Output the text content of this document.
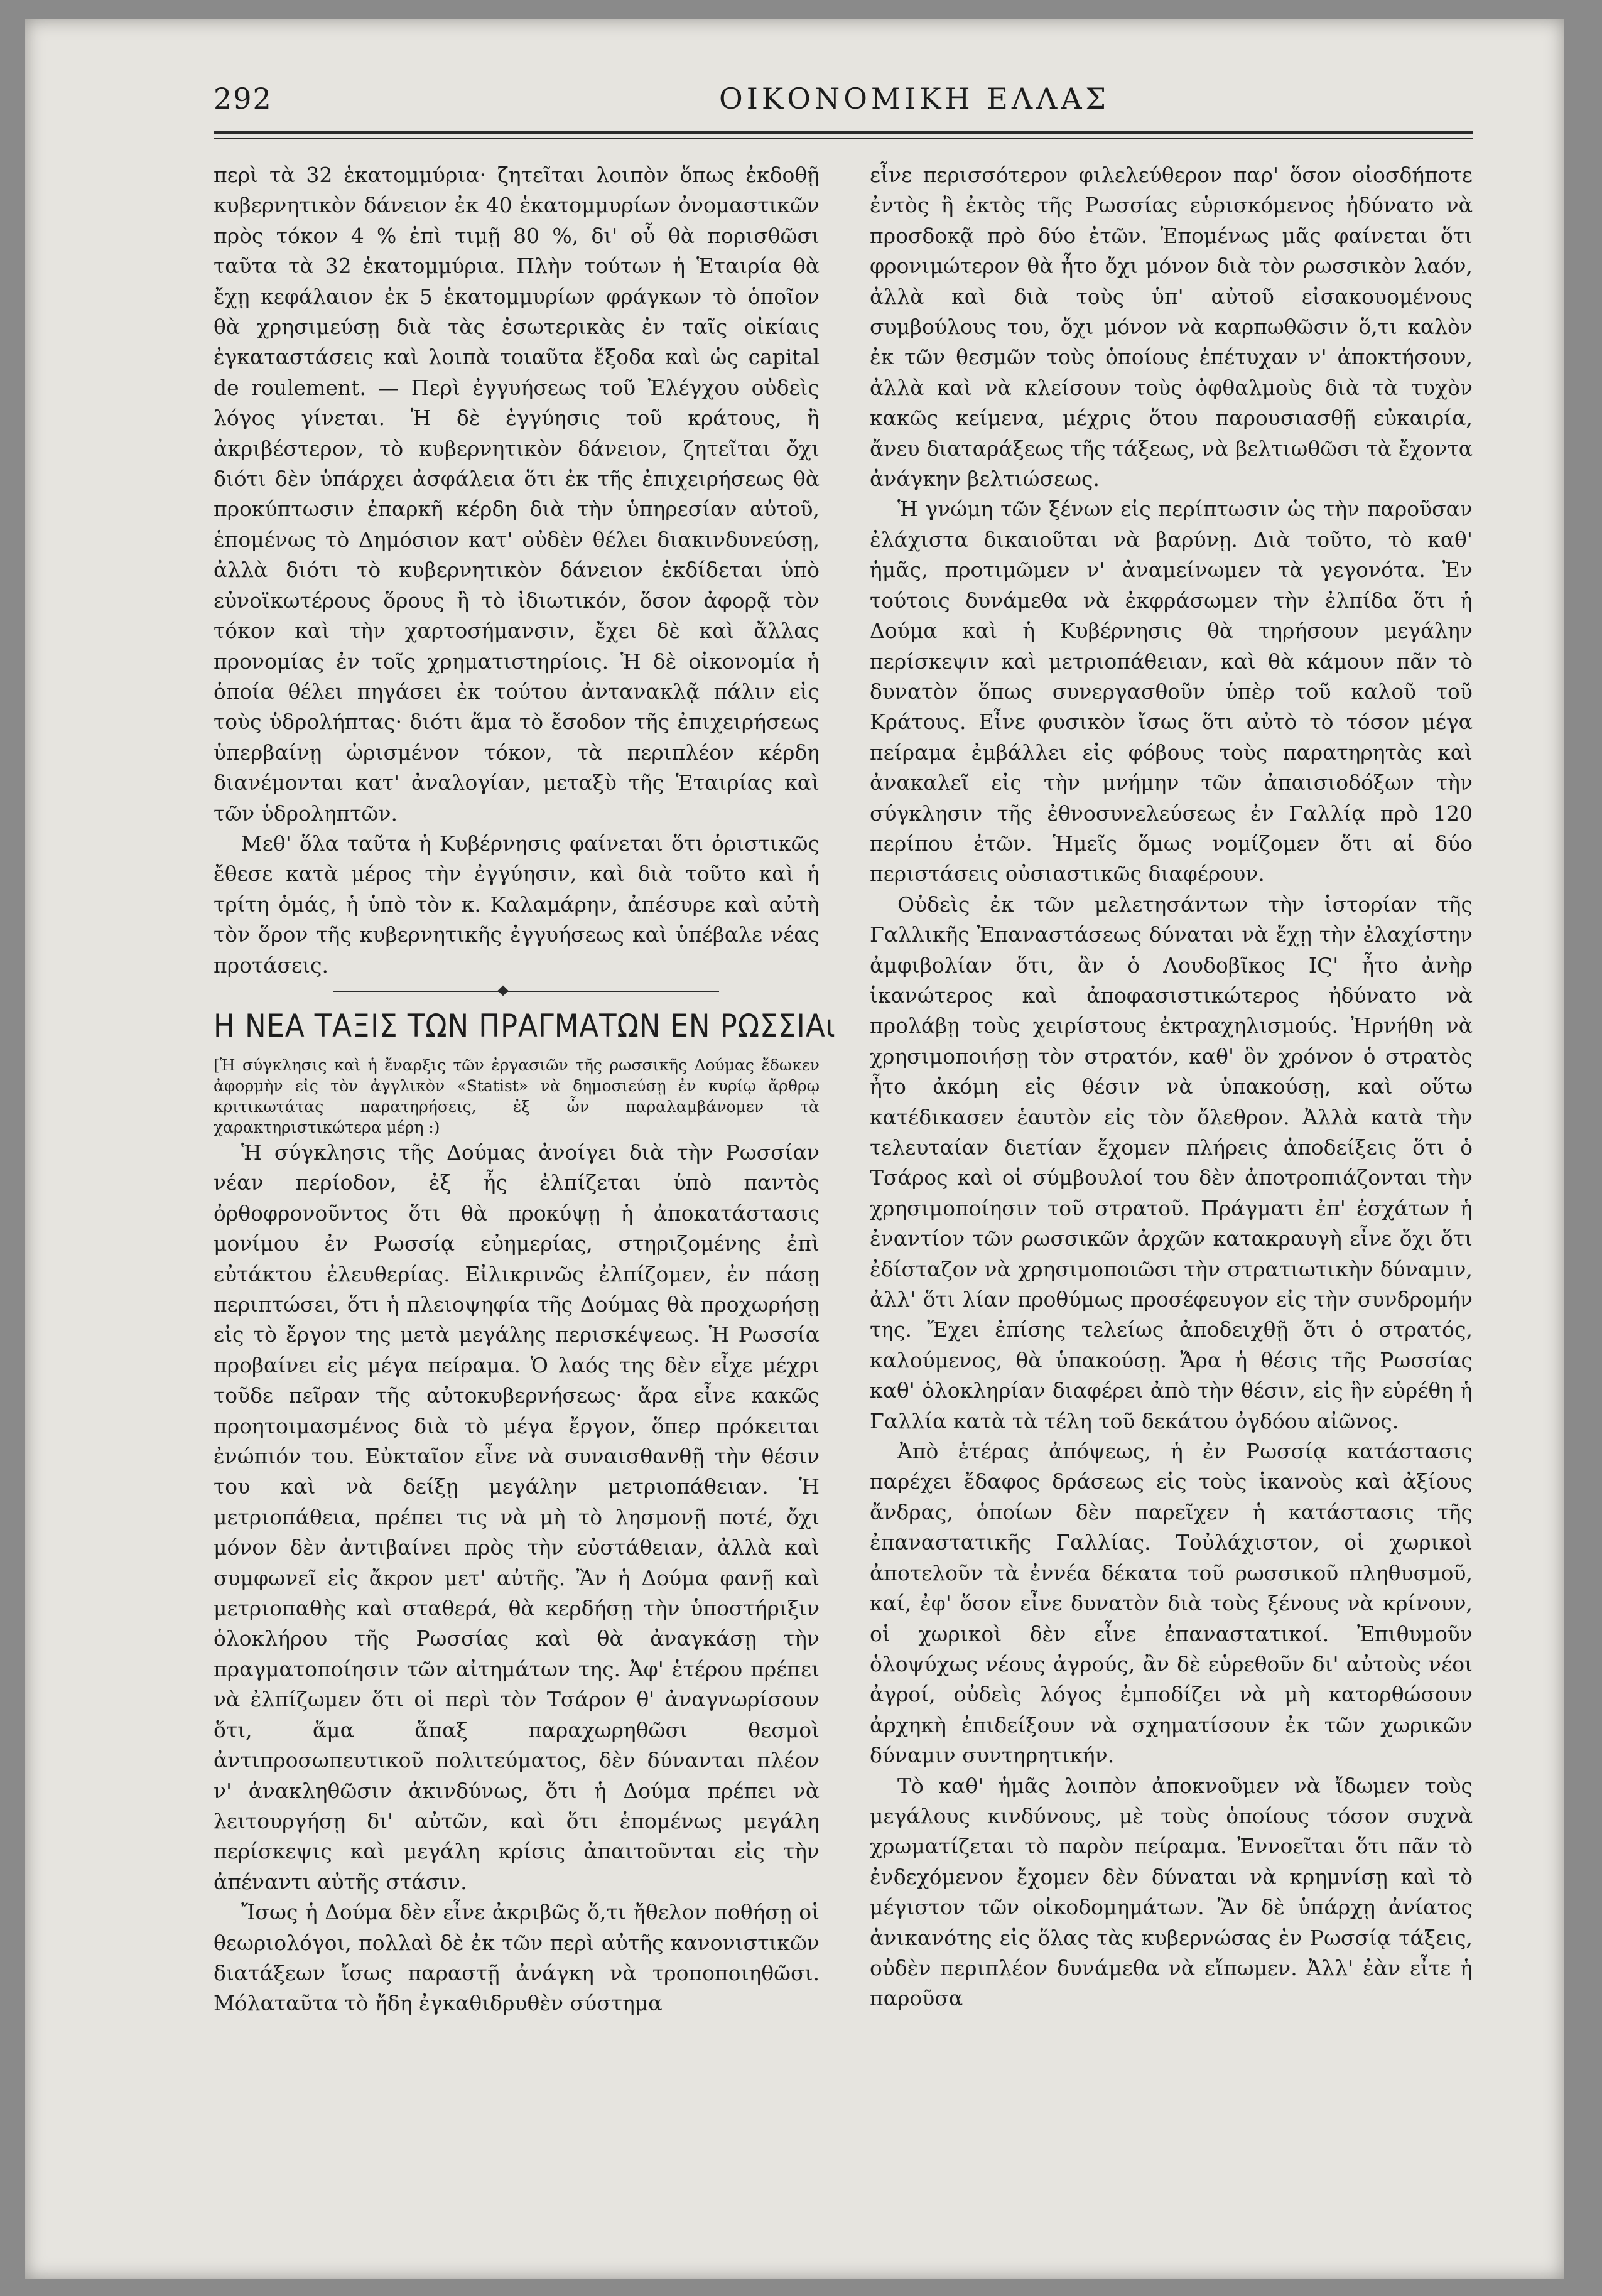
292	ΟΙΚΟΝΟΜΙΚΗ ΕΛΛΑΣ

περὶ τὰ 32 ἑκατομμύρια· ζητεῖται λοιπὸν ὅπως ἐκδοθῇ κυβερνητικὸν δάνειον ἐκ 40 ἑκατομμυρίων ὀνομαστικῶν πρὸς τόκον 4 % ἐπὶ τιμῇ 80 %, δι' οὗ θὰ πορισθῶσι ταῦτα τὰ 32 ἑκατομμύρια. Πλὴν τούτων ἡ Ἑταιρία θὰ ἔχῃ κεφάλαιον ἐκ 5 ἑκατομμυρίων φράγκων τὸ ὁποῖον θὰ χρησιμεύσῃ διὰ τὰς ἐσωτερικὰς ἐν ταῖς οἰκίαις ἐγκαταστάσεις καὶ λοιπὰ τοιαῦτα ἔξοδα καὶ ὡς capital de roulement. — Περὶ ἐγγυήσεως τοῦ Ἐλέγχου οὐδεὶς λόγος γίνεται. Ἡ δὲ ἐγγύησις τοῦ κράτους, ἢ ἀκριβέστερον, τὸ κυβερνητικὸν δάνειον, ζητεῖται ὄχι διότι δὲν ὑπάρχει ἀσφάλεια ὅτι ἐκ τῆς ἐπιχειρήσεως θὰ προκύπτωσιν ἐπαρκῆ κέρδη διὰ τὴν ὑπηρεσίαν αὐτοῦ, ἑπομένως τὸ Δημόσιον κατ' οὐδὲν θέλει διακινδυνεύσῃ, ἀλλὰ διότι τὸ κυβερνητικὸν δάνειον ἐκδίδεται ὑπὸ εὐνοϊκωτέρους ὅρους ἢ τὸ ἰδιωτικόν, ὅσον ἀφορᾷ τὸν τόκον καὶ τὴν χαρτοσήμανσιν, ἔχει δὲ καὶ ἄλλας προνομίας ἐν τοῖς χρηματιστηρίοις. Ἡ δὲ οἰκονομία ἡ ὁποία θέλει πηγάσει ἐκ τούτου ἀντανακλᾷ πάλιν εἰς τοὺς ὑδρολήπτας· διότι ἅμα τὸ ἔσοδον τῆς ἐπιχειρήσεως ὑπερβαίνῃ ὡρισμένον τόκον, τὰ περιπλέον κέρδη διανέμονται κατ' ἀναλογίαν, μεταξὺ τῆς Ἑταιρίας καὶ τῶν ὑδροληπτῶν.

Μεθ' ὅλα ταῦτα ἡ Κυβέρνησις φαίνεται ὅτι ὁριστικῶς ἔθεσε κατὰ μέρος τὴν ἐγγύησιν, καὶ διὰ τοῦτο καὶ ἡ τρίτη ὁμάς, ἡ ὑπὸ τὸν κ. Καλαμάρην, ἀπέσυρε καὶ αὐτὴ τὸν ὅρον τῆς κυβερνητικῆς ἐγγυήσεως καὶ ὑπέβαλε νέας προτάσεις.

Η ΝΕΑ ΤΑΞΙΣ ΤΩΝ ΠΡΑΓΜΑΤΩΝ ΕΝ ΡΩΣΣΙΑι

[Ἡ σύγκλησις καὶ ἡ ἔναρξις τῶν ἐργασιῶν τῆς ρωσσικῆς Δούμας ἔδωκεν ἀφορμὴν εἰς τὸν ἀγγλικὸν «Statist» νὰ δημοσιεύσῃ ἐν κυρίῳ ἄρθρῳ κριτικωτάτας παρατηρήσεις, ἐξ ὧν παραλαμβάνομεν τὰ χαρακτηριστικώτερα μέρη :)

Ἡ σύγκλησις τῆς Δούμας ἀνοίγει διὰ τὴν Ρωσσίαν νέαν περίοδον, ἐξ ἧς ἐλπίζεται ὑπὸ παντὸς ὀρθοφρονοῦντος ὅτι θὰ προκύψῃ ἡ ἀποκατάστασις μονίμου ἐν Ρωσσίᾳ εὐημερίας, στηριζομένης ἐπὶ εὐτάκτου ἐλευθερίας. Εἰλικρινῶς ἐλπίζομεν, ἐν πάσῃ περιπτώσει, ὅτι ἡ πλειοψηφία τῆς Δούμας θὰ προχωρήσῃ εἰς τὸ ἔργον της μετὰ μεγάλης περισκέψεως. Ἡ Ρωσσία προβαίνει εἰς μέγα πείραμα. Ὁ λαός της δὲν εἶχε μέχρι τοῦδε πεῖραν τῆς αὐτοκυβερνήσεως· ἄρα εἶνε κακῶς προητοιμασμένος διὰ τὸ μέγα ἔργον, ὅπερ πρόκειται ἐνώπιόν του. Εὐκταῖον εἶνε νὰ συναισθανθῇ τὴν θέσιν του καὶ νὰ δείξῃ μεγάλην μετριοπάθειαν. Ἡ μετριοπάθεια, πρέπει τις νὰ μὴ τὸ λησμονῇ ποτέ, ὄχι μόνον δὲν ἀντιβαίνει πρὸς τὴν εὐστάθειαν, ἀλλὰ καὶ συμφωνεῖ εἰς ἄκρον μετ' αὐτῆς. Ἂν ἡ Δούμα φανῇ καὶ μετριοπαθὴς καὶ σταθερά, θὰ κερδήσῃ τὴν ὑποστήριξιν ὁλοκλήρου τῆς Ρωσσίας καὶ θὰ ἀναγκάσῃ τὴν πραγματοποίησιν τῶν αἰτημάτων της. Ἀφ' ἑτέρου πρέπει νὰ ἐλπίζωμεν ὅτι οἱ περὶ τὸν Τσάρον θ' ἀναγνωρίσουν ὅτι, ἅμα ἅπαξ παραχωρηθῶσι θεσμοὶ ἀντιπροσωπευτικοῦ πολιτεύματος, δὲν δύνανται πλέον ν' ἀνακληθῶσιν ἀκινδύνως, ὅτι ἡ Δούμα πρέπει νὰ λειτουργήσῃ δι' αὐτῶν, καὶ ὅτι ἑπομένως μεγάλη περίσκεψις καὶ μεγάλη κρίσις ἀπαιτοῦνται εἰς τὴν ἀπέναντι αὐτῆς στάσιν.

Ἴσως ἡ Δούμα δὲν εἶνε ἀκριβῶς ὅ,τι ἤθελον ποθήσῃ οἱ θεωριολόγοι, πολλαὶ δὲ ἐκ τῶν περὶ αὐτῆς κανονιστικῶν διατάξεων ἴσως παραστῇ ἀνάγκη νὰ τροποποιηθῶσι. Μόλαταῦτα τὸ ἤδη ἐγκαθιδρυθὲν σύστημα

εἶνε περισσότερον φιλελεύθερον παρ' ὅσον οἰοσδήποτε ἐντὸς ἢ ἐκτὸς τῆς Ρωσσίας εὑρισκόμενος ἠδύνατο νὰ προσδοκᾷ πρὸ δύο ἐτῶν. Ἑπομένως μᾶς φαίνεται ὅτι φρονιμώτερον θὰ ἦτο ὄχι μόνον διὰ τὸν ρωσσικὸν λαόν, ἀλλὰ καὶ διὰ τοὺς ὑπ' αὐτοῦ εἰσακουομένους συμβούλους του, ὄχι μόνον νὰ καρπωθῶσιν ὅ,τι καλὸν ἐκ τῶν θεσμῶν τοὺς ὁποίους ἐπέτυχαν ν' ἀποκτήσουν, ἀλλὰ καὶ νὰ κλείσουν τοὺς ὀφθαλμοὺς διὰ τὰ τυχὸν κακῶς κείμενα, μέχρις ὅτου παρουσιασθῇ εὐκαιρία, ἄνευ διαταράξεως τῆς τάξεως, νὰ βελτιωθῶσι τὰ ἔχοντα ἀνάγκην βελτιώσεως.

Ἡ γνώμη τῶν ξένων εἰς περίπτωσιν ὡς τὴν παροῦσαν ἐλάχιστα δικαιοῦται νὰ βαρύνῃ. Διὰ τοῦτο, τὸ καθ' ἡμᾶς, προτιμῶμεν ν' ἀναμείνωμεν τὰ γεγονότα. Ἐν τούτοις δυνάμεθα νὰ ἐκφράσωμεν τὴν ἐλπίδα ὅτι ἡ Δούμα καὶ ἡ Κυβέρνησις θὰ τηρήσουν μεγάλην περίσκεψιν καὶ μετριοπάθειαν, καὶ θὰ κάμουν πᾶν τὸ δυνατὸν ὅπως συνεργασθοῦν ὑπὲρ τοῦ καλοῦ τοῦ Κράτους. Εἶνε φυσικὸν ἴσως ὅτι αὐτὸ τὸ τόσον μέγα πείραμα ἐμβάλλει εἰς φόβους τοὺς παρατηρητὰς καὶ ἀνακαλεῖ εἰς τὴν μνήμην τῶν ἀπαισιοδόξων τὴν σύγκλησιν τῆς ἐθνοσυνελεύσεως ἐν Γαλλίᾳ πρὸ 120 περίπου ἐτῶν. Ἡμεῖς ὅμως νομίζομεν ὅτι αἱ δύο περιστάσεις οὐσιαστικῶς διαφέρουν.

Οὐδεὶς ἐκ τῶν μελετησάντων τὴν ἱστορίαν τῆς Γαλλικῆς Ἐπαναστάσεως δύναται νὰ ἔχῃ τὴν ἐλαχίστην ἀμφιβολίαν ὅτι, ἂν ὁ Λουδοβῖκος ΙϚ' ἦτο ἀνὴρ ἱκανώτερος καὶ ἀποφασιστικώτερος ἠδύνατο νὰ προλάβῃ τοὺς χειρίστους ἐκτραχηλισμούς. Ἠρνήθη νὰ χρησιμοποιήσῃ τὸν στρατόν, καθ' ὃν χρόνον ὁ στρατὸς ἦτο ἀκόμη εἰς θέσιν νὰ ὑπακούσῃ, καὶ οὕτω κατέδικασεν ἑαυτὸν εἰς τὸν ὄλεθρον. Ἀλλὰ κατὰ τὴν τελευταίαν διετίαν ἔχομεν πλήρεις ἀποδείξεις ὅτι ὁ Τσάρος καὶ οἱ σύμβουλοί του δὲν ἀποτροπιάζονται τὴν χρησιμοποίησιν τοῦ στρατοῦ. Πράγματι ἐπ' ἐσχάτων ἡ ἐναντίον τῶν ρωσσικῶν ἀρχῶν κατακραυγὴ εἶνε ὄχι ὅτι ἐδίσταζον νὰ χρησιμοποιῶσι τὴν στρατιωτικὴν δύναμιν, ἀλλ' ὅτι λίαν προθύμως προσέφευγον εἰς τὴν συνδρομήν της. Ἔχει ἐπίσης τελείως ἀποδειχθῇ ὅτι ὁ στρατός, καλούμενος, θὰ ὑπακούσῃ. Ἄρα ἡ θέσις τῆς Ρωσσίας καθ' ὁλοκληρίαν διαφέρει ἀπὸ τὴν θέσιν, εἰς ἣν εὑρέθη ἡ Γαλλία κατὰ τὰ τέλη τοῦ δεκάτου ὀγδόου αἰῶνος.

Ἀπὸ ἑτέρας ἀπόψεως, ἡ ἐν Ρωσσίᾳ κατάστασις παρέχει ἔδαφος δράσεως εἰς τοὺς ἱκανοὺς καὶ ἀξίους ἄνδρας, ὁποίων δὲν παρεῖχεν ἡ κατάστασις τῆς ἐπαναστατικῆς Γαλλίας. Τοὐλάχιστον, οἱ χωρικοὶ ἀποτελοῦν τὰ ἐννέα δέκατα τοῦ ρωσσικοῦ πληθυσμοῦ, καί, ἐφ' ὅσον εἶνε δυνατὸν διὰ τοὺς ξένους νὰ κρίνουν, οἱ χωρικοὶ δὲν εἶνε ἐπαναστατικοί. Ἐπιθυμοῦν ὁλοψύχως νέους ἀγρούς, ἂν δὲ εὑρεθοῦν δι' αὐτοὺς νέοι ἀγροί, οὐδεὶς λόγος ἐμποδίζει νὰ μὴ κατορθώσουν ἀρχηκὴ ἐπιδείξουν νὰ σχηματίσουν ἐκ τῶν χωρικῶν δύναμιν συντηρητικήν.

Τὸ καθ' ἡμᾶς λοιπὸν ἀποκνοῦμεν νὰ ἴδωμεν τοὺς μεγάλους κινδύνους, μὲ τοὺς ὁποίους τόσον συχνὰ χρωματίζεται τὸ παρὸν πείραμα. Ἐννοεῖται ὅτι πᾶν τὸ ἐνδεχόμενον ἔχομεν δὲν δύναται νὰ κρημνίσῃ καὶ τὸ μέγιστον τῶν οἰκοδομημάτων. Ἂν δὲ ὑπάρχῃ ἀνίατος ἀνικανότης εἰς ὅλας τὰς κυβερνώσας ἐν Ρωσσίᾳ τάξεις, οὐδὲν περιπλέον δυνάμεθα νὰ εἴπωμεν. Ἀλλ' ἐὰν εἶτε ἡ παροῦσα
